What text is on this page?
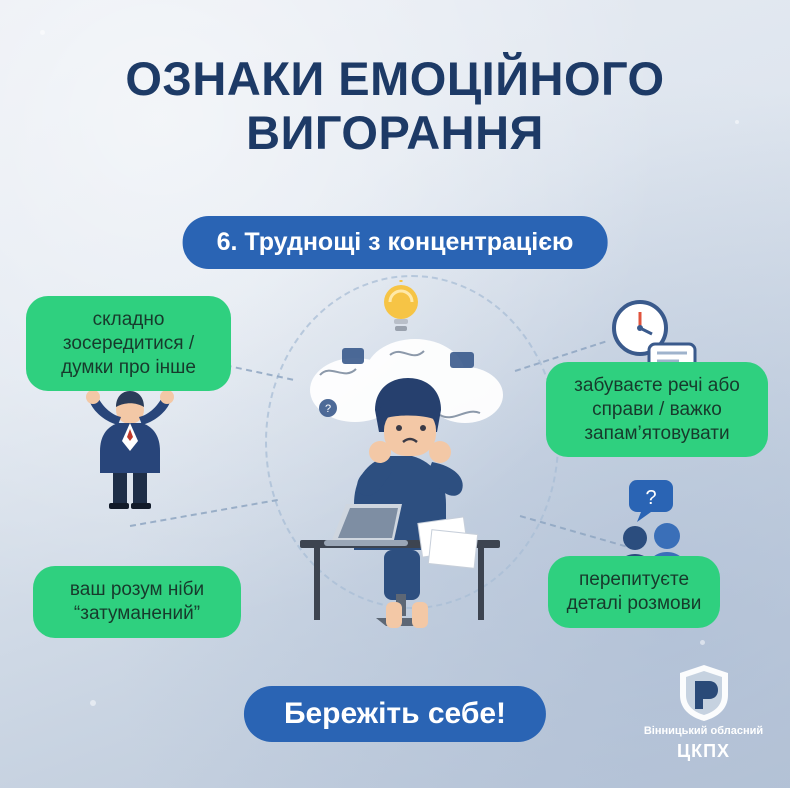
ОЗНАКИ ЕМОЦІЙНОГО ВИГОРАННЯ
6. Труднощі з концентрацією
?
?
складно зосередитися / думки про інше
забуваєте речі або справи / важко запам’ятовувати
ваш розум ніби “затуманений”
перепитуєте деталі розмови
Бережіть себе!
Вінницький обласний
ЦКПХ
